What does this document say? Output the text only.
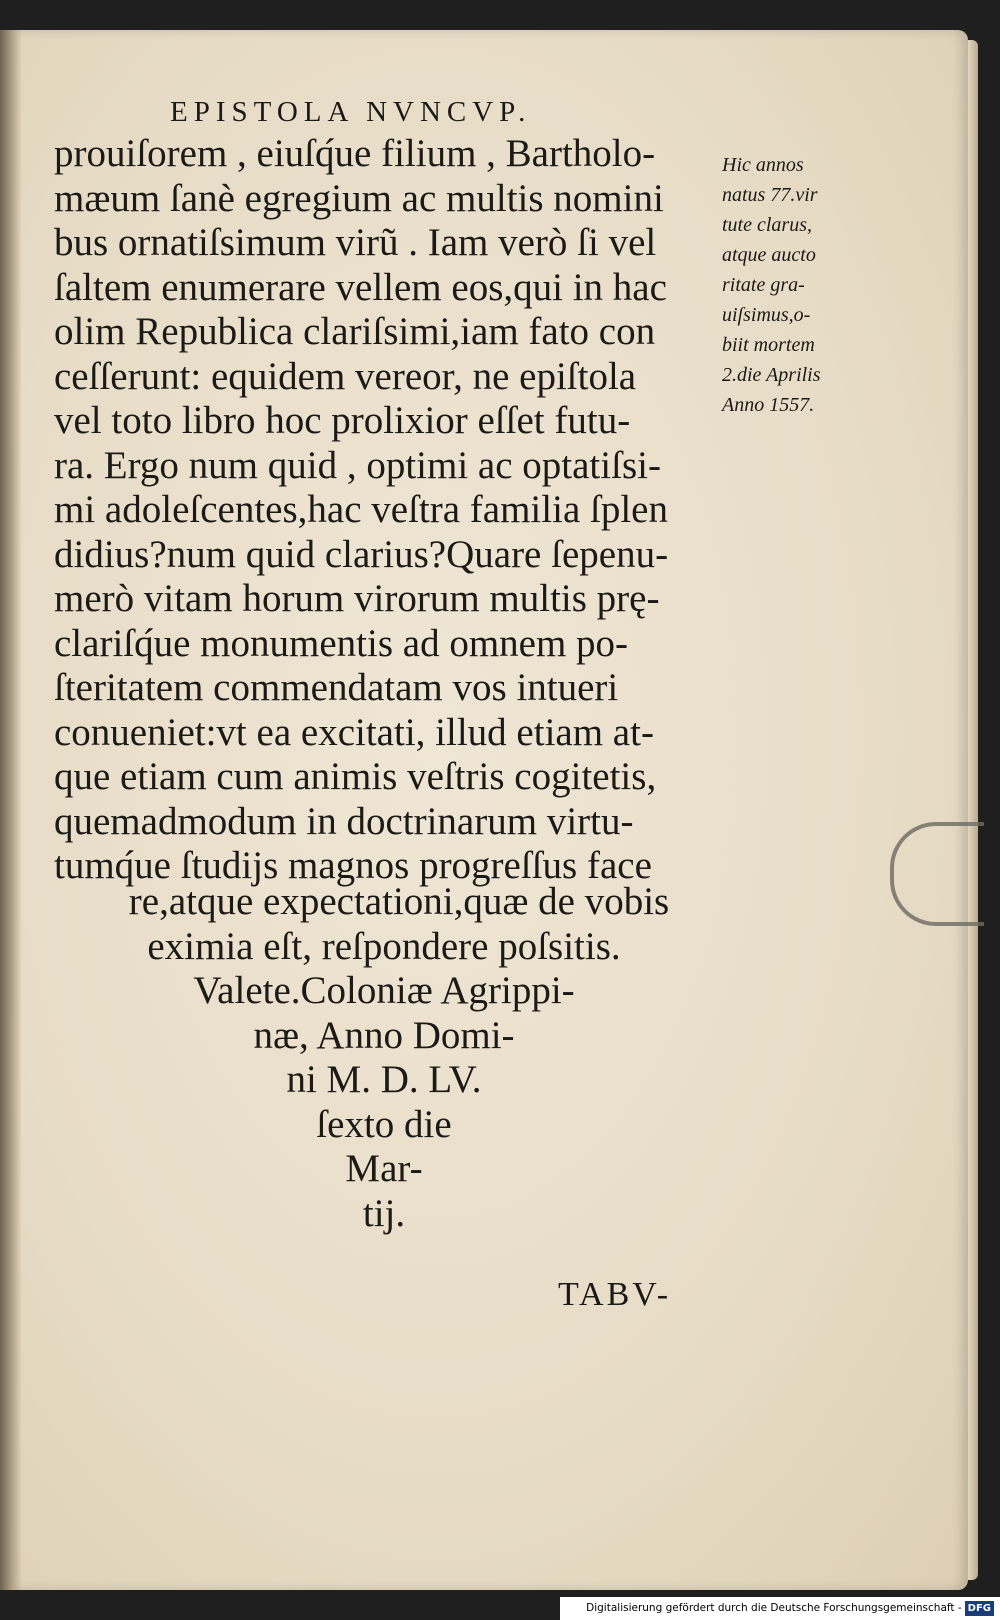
EPISTOLA NVNCVP.
prouiſorem , eiuſq́ue filium , Bartholo-
mæum ſanè egregium ac multis nomini
bus ornatiſsimum virũ . Iam verò ſi vel
ſaltem enumerare vellem eos,qui in hac
olim Republica clariſsimi,iam fato con
ceſſerunt: equidem vereor, ne epiſtola
vel toto libro hoc prolixior eſſet futu-
ra. Ergo num quid , optimi ac optatiſsi-
mi adoleſcentes,hac veſtra familia ſplen
didius?num quid clarius?Quare ſepenu-
merò vitam horum virorum multis prę-
clariſq́ue monumentis ad omnem po-
ſteritatem commendatam vos intueri
conueniet:vt ea excitati, illud etiam at-
que etiam cum animis veſtris cogitetis,
quemadmodum in doctrinarum virtu-
tumq́ue ſtudijs magnos progreſſus face
re,atque expectationi,quæ de vobis
eximia eſt, reſpondere poſsitis.
Valete.Coloniæ Agrippi-
næ, Anno Domi-
ni M. D. LV.
ſexto die
Mar-
tij.
TABV-
Hic annos
natus 77.vir
tute clarus,
atque aucto
ritate gra-
uiſsimus,o-
biit mortem
2.die Aprilis
Anno 1557.
Digitalisierung gefördert durch die Deutsche Forschungsgemeinschaft - DFG
